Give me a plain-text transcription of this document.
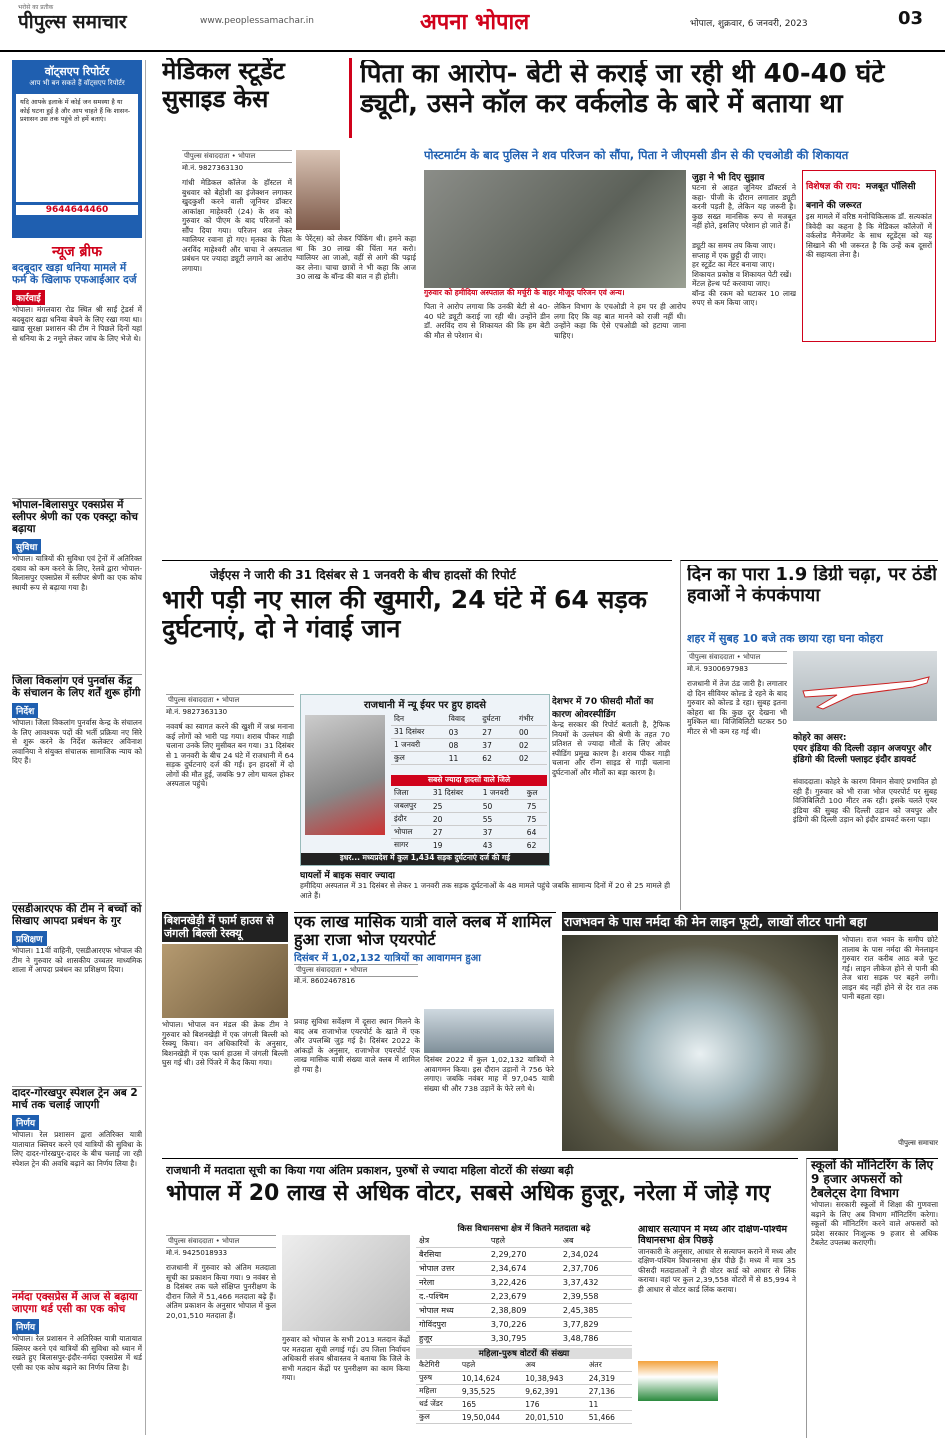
पीपुल्स समाचार
भरोसे का प्रतीक
www.peoplessamachar.in	अपना भोपाल	भोपाल, शुक्रवार, 6 जनवरी, 2023	03
वॉट्सएप रिपोर्टर
आप भी बन सकते हैं वॉट्सएप रिपोर्टर
यदि आपके इलाके में कोई जन समस्या है या कोई घटना हुई है और आप चाहते हैं कि शासन-प्रशासन उस तक पहुंचे तो हमें बताएं।
9644644460
न्यूज ब्रीफ
बदबूदार खड़ा धनिया मामले में फर्म के खिलाफ एफआईआर दर्ज
कार्रवाई
भोपाल। मंगलवारा रोड स्थित श्री साईं ट्रेडर्स में बदबूदार खड़ा धनिया बेचने के लिए रखा गया था। खाद्य सुरक्षा प्रशासन की टीम ने पिछले दिनों यहां से धनिया के 2 नमूने लेकर जांच के लिए भेजे थे।
भोपाल-बिलासपुर एक्सप्रेस में स्लीपर श्रेणी का एक एक्स्ट्रा कोच बढ़ाया
सुविधा
भोपाल। यात्रियों की सुविधा एवं ट्रेनों में अतिरिक्त दबाव को कम करने के लिए, रेलवे द्वारा भोपाल-बिलासपुर एक्सप्रेस में स्लीपर श्रेणी का एक कोच स्थायी रूप से बढ़ाया गया है।
जिला विकलांग एवं पुनर्वास केंद्र के संचालन के लिए शर्तें शुरू होंगी
निर्देश
भोपाल। जिला विकलांग पुनर्वास केन्द्र के संचालन के लिए आवश्यक पदों की भर्ती प्रक्रिया नए सिरे से शुरू करने के निर्देश कलेक्टर अविनाश लवानिया ने संयुक्त संचालक सामाजिक न्याय को दिए हैं।
एसडीआरएफ की टीम ने बच्चों को सिखाए आपदा प्रबंधन के गुर
प्रशिक्षण
भोपाल। 11वीं वाहिनी, एसडीआरएफ भोपाल की टीम ने गुरुवार को शासकीय उच्चतर माध्यमिक शाला में आपदा प्रबंधन का प्रशिक्षण दिया।
दादर-गोरखपुर स्पेशल ट्रेन अब 2 मार्च तक चलाई जाएगी
निर्णय
भोपाल। रेल प्रशासन द्वारा अतिरिक्त यात्री यातायात क्लियर करने एवं यात्रियों की सुविधा के लिए दादर-गोरखपुर-दादर के बीच चलाई जा रही स्पेशल ट्रेन की अवधि बढ़ाने का निर्णय लिया है।
नर्मदा एक्सप्रेस में आज से बढ़ाया जाएगा थर्ड एसी का एक कोच
निर्णय
भोपाल। रेल प्रशासन ने अतिरिक्त यात्री यातायात क्लियर करने एवं यात्रियों की सुविधा को ध्यान में रखते हुए बिलासपुर-इंदौर-नर्मदा एक्सप्रेस में थर्ड एसी का एक कोच बढ़ाने का निर्णय लिया है।
मेडिकल स्टूडेंट सुसाइड केस
पिता का आरोप- बेटी से कराई जा रही थी 40-40 घंटे ड्यूटी, उसने कॉल कर वर्कलोड के बारे में बताया था
पोस्टमार्टम के बाद पुलिस ने शव परिजन को सौंपा, पिता ने जीएमसी डीन से की एचओडी की शिकायत
पीपुल्स संवाददाता • भोपाल
मो.नं. 9827363130
गांधी मेडिकल कॉलेज के हॉस्टल में बुधवार को बेहोशी का इंजेक्शन लगाकर खुदकुशी करने वाली जूनियर डॉक्टर आकांक्षा माहेश्वरी (24) के शव को गुरुवार को पीएम के बाद परिजनों को सौंप दिया गया। परिजन शव लेकर ग्वालियर रवाना हो गए। मृतका के पिता अरविंद माहेश्वरी और चाचा ने अस्पताल प्रबंधन पर ज्यादा ड्यूटी लगाने का आरोप लगाया।
के पेरेंट्स) को लेकर पिंकिंग थी। हमने कहा था कि 30 लाख की चिंता मत करो। ग्वालियर आ जाओ, वहीं से आगे की पढ़ाई कर लेना। चाचा छात्रों ने भी कहा कि आज 30 लाख के बॉन्ड की बात न ही होती।
गुरुवार को हमीदिया अस्पताल की मर्चुरी के बाहर मौजूद परिजन एवं अन्य।
पिता ने आरोप लगाया कि उनकी बेटी से 40-40 घंटे ड्यूटी कराई जा रही थी। उन्होंने डीन डॉ. अरविंद राय से शिकायत की कि हम बेटी की मौत से परेशान थे।
लेकिन विभाग के एचओडी ने हम पर ही आरोप लगा दिए कि वह बात मानने को राजी नहीं थी। उन्होंने कहा कि ऐसे एचओडी को हटाया जाना चाहिए।
जुड़ा ने भी दिए सुझाव
घटना से आहत जूनियर डॉक्टर्स ने कहा- पीजी के दौरान लगातार ड्यूटी करनी पड़ती है, लेकिन यह जरूरी है। कुछ सख्त मानसिक रूप से मजबूत नहीं होते, इसलिए परेशान हो जाते हैं।
ड्यूटी का समय तय किया जाए।
सप्ताह में एक छुट्टी दी जाए।
हर स्टूडेंट का मेंटर बनाया जाए।
शिकायत प्रकोष्ठ व शिकायत पेटी रखें।
मेंटल हेल्थ पर्ट करवाया जाए।
बॉन्ड की रकम को घटाकर 10 लाख रुपए से कम किया जाए।
विशेषज्ञ की राय: मजबूत पॉलिसी बनाने की जरूरत
इस मामले में वरिष्ठ मनोचिकित्सक डॉ. सत्यकांत त्रिवेदी का कहना है कि मेडिकल कॉलेजों में वर्कलोड मैनेजमेंट के साथ स्टूडेंट्स को यह सिखाने की भी जरूरत है कि उन्हें कब दूसरों की सहायता लेना है।
जेईएस ने जारी की 31 दिसंबर से 1 जनवरी के बीच हादसों की रिपोर्ट
भारी पड़ी नए साल की खुमारी, 24 घंटे में 64 सड़क दुर्घटनाएं, दो ने गंवाई जान
पीपुल्स संवाददाता • भोपाल
मो.नं. 9827363130
नववर्ष का स्वागत करने की खुशी में जश्न मनाना कई लोगों को भारी पड़ गया। शराब पीकर गाड़ी चलाना उनके लिए मुसीबत बन गया। 31 दिसंबर से 1 जनवरी के बीच 24 घंटे में राजधानी में 64 सड़क दुर्घटनाएं दर्ज की गईं। इन हादसों में दो लोगों की मौत हुई, जबकि 97 लोग घायल होकर अस्पताल पहुंचे।
राजधानी में न्यू ईयर पर हुए हादसे
दिन	विवाद	दुर्घटना	गंभीर
31 दिसंबर	03	27	00
1 जनवरी	08	37	02
कुल	11	62	02
सबसे ज्यादा हादसों वाले जिले
जिला	31 दिसंबर	1 जनवरी	कुल
जबलपुर	25	50	75
इंदौर	20	55	75
भोपाल	27	37	64
सागर	19	43	62
इधर... मध्यप्रदेश में कुल 1,434 सड़क दुर्घटनाएं दर्ज की गई
देशभर में 70 फीसदी मौतों का कारण ओवरस्पीडिंग
केन्द्र सरकार की रिपोर्ट बताती है, ट्रैफिक नियमों के उल्लंघन की श्रेणी के तहत 70 प्रतिशत से ज्यादा मौतों के लिए ओवर स्पीडिंग प्रमुख कारण है। शराब पीकर गाड़ी चलाना और रॉन्ग साइड से गाड़ी चलाना दुर्घटनाओं और मौतों का बड़ा कारण है।
घायलों में बाइक सवार ज्यादा
हमीदिया अस्पताल में 31 दिसंबर से लेकर 1 जनवरी तक सड़क दुर्घटनाओं के 48 मामले पहुंचे जबकि सामान्य दिनों में 20 से 25 मामले ही आते हैं।
दिन का पारा 1.9 डिग्री चढ़ा, पर ठंडी हवाओं ने कंपकंपाया
शहर में सुबह 10 बजे तक छाया रहा घना कोहरा
पीपुल्स संवाददाता • भोपाल
मो.नं. 9300697983
राजधानी में तेज ठंड जारी है। लगातार दो दिन सीवियर कोल्ड डे रहने के बाद गुरुवार को कोल्ड डे रहा। सुबह इतना कोहरा था कि कुछ दूर देखना भी मुश्किल था। विजिबिलिटी घटकर 50 मीटर से भी कम रह गई थी।
कोहरे का असर:
एयर इंडिया की दिल्ली उड़ान अजयपुर और इंडिगो की दिल्ली फ्लाइट इंदौर डायवर्ट
संवाददाता। कोहरे के कारण विमान सेवाएं प्रभावित हो रही हैं। गुरुवार को भी राजा भोज एयरपोर्ट पर सुबह विजिबिलिटी 100 मीटर तक रही। इसके चलते एयर इंडिया की सुबह की दिल्ली उड़ान को जयपुर और इंडिगो की दिल्ली उड़ान को इंदौर डायवर्ट करना पड़ा।
बिशनखेड़ी में फार्म हाउस से जंगली बिल्ली रेस्क्यू
भोपाल। भोपाल वन मंडल की क्रेक टीम ने गुरुवार को बिशनखेड़ी में एक जंगली बिल्ली को रेस्क्यू किया। वन अधिकारियों के अनुसार, बिशनखेड़ी में एक फार्म हाउस में जंगली बिल्ली घुस गई थी। उसे पिंजरे में कैद किया गया।
एक लाख मासिक यात्री वाले क्लब में शामिल हुआ राजा भोज एयरपोर्ट
दिसंबर में 1,02,132 यात्रियों का आवागमन हुआ
पीपुल्स संवाददाता • भोपाल
मो.नं. 8602467816
प्रवाह सुविधा सर्वेक्षण में दूसरा स्थान मिलने के बाद अब राजाभोज एयरपोर्ट के खाते में एक और उपलब्धि जुड़ गई है। दिसंबर 2022 के आंकड़ों के अनुसार, राजाभोज एयरपोर्ट एक लाख मासिक यात्री संख्या वाले क्लब में शामिल हो गया है।
दिसंबर 2022 में कुल 1,02,132 यात्रियों ने आवागमन किया। इस दौरान उड़ानों ने 756 फेरे लगाए। जबकि नवंबर माह में 97,045 यात्री संख्या थी और 738 उड़ानें के फेरे लगे थे।
राजभवन के पास नर्मदा की मेन लाइन फूटी, लाखों लीटर पानी बहा
भोपाल। राज भवन के समीप छोटे तालाब के पास नर्मदा की मेनलाइन गुरुवार रात करीब आठ बजे फूट गई। लाइन लीकेज होने से पानी की तेज धारा सड़क पर बहने लगी। लाइन बंद नहीं होने से देर रात तक पानी बहता रहा।
पीपुल्स समाचार
राजधानी में मतदाता सूची का किया गया अंतिम प्रकाशन, पुरुषों से ज्यादा महिला वोटरों की संख्या बढ़ी
भोपाल में 20 लाख से अधिक वोटर, सबसे अधिक हुजूर, नरेला में जोड़े गए
पीपुल्स संवाददाता • भोपाल
मो.नं. 9425018933
राजधानी में गुरुवार को अंतिम मतदाता सूची का प्रकाशन किया गया। 9 नवंबर से 8 दिसंबर तक चले संक्षिप्त पुनरीक्षण के दौरान जिले में 51,466 मतदाता बढ़े हैं। अंतिम प्रकाशन के अनुसार भोपाल में कुल 20,01,510 मतदाता हैं।
गुरुवार को भोपाल के सभी 2013 मतदान केंद्रों पर मतदाता सूची लगाई गई। उप जिला निर्वाचन अधिकारी संजय श्रीवास्तव ने बताया कि जिले के सभी मतदान केंद्रों पर पुनरीक्षण का काम किया गया।
किस विधानसभा क्षेत्र में कितने मतदाता बढ़े
क्षेत्र	पहले	अब
बैरसिया	2,29,270	2,34,024
भोपाल उत्तर	2,34,674	2,37,706
नरेला	3,22,426	3,37,432
द.-पश्चिम	2,23,679	2,39,558
भोपाल मध्य	2,38,809	2,45,385
गोविंदपुरा	3,70,226	3,77,829
हुजूर	3,30,795	3,48,786
महिला-पुरुष वोटरों की संख्या
कैटेगिरी	पहले	अब	अंतर
पुरुष	10,14,624	10,38,943	24,319
महिला	9,35,525	9,62,391	27,136
थर्ड जेंडर	165	176	11
कुल	19,50,044	20,01,510	51,466
आधार सत्यापन में मध्य और दक्षिण-पश्चिम विधानसभा क्षेत्र पिछड़े
जानकारी के अनुसार, आधार से सत्यापन कराने में मध्य और दक्षिण-पश्चिम विधानसभा क्षेत्र पीछे हैं। मध्य में मात्र 35 फीसदी मतदाताओं ने ही वोटर कार्ड को आधार से लिंक कराया। वहां पर कुल 2,39,558 वोटरों में से 85,994 ने ही आधार से वोटर कार्ड लिंक कराया।
स्कूलों की मॉनिटरिंग के लिए 9 हजार अफसरों को टैबलेट्स देगा विभाग
भोपाल। सरकारी स्कूलों में शिक्षा की गुणवत्ता बढ़ाने के लिए अब विभाग मॉनिटरिंग करेगा। स्कूलों की मॉनिटरिंग करने वाले अफसरों को प्रदेश सरकार निःशुल्क 9 हजार से अधिक टैबलेट उपलब्ध कराएगी।
